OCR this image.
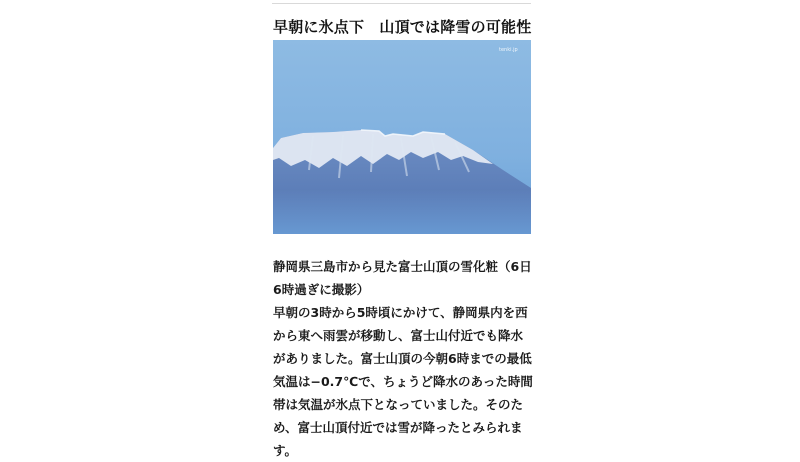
早朝に氷点下　山頂では降雪の可能性
tenki.jp

静岡県三島市から見た富士山頂の雪化粧（6日6時過ぎに撮影）

早朝の3時から5時頃にかけて、静岡県内を西から東へ雨雲が移動し、富士山付近でも降水がありました。富士山頂の今朝6時までの最低気温は−0.7℃で、ちょうど降水のあった時間帯は気温が氷点下となっていました。そのため、富士山頂付近では雪が降ったとみられます。
